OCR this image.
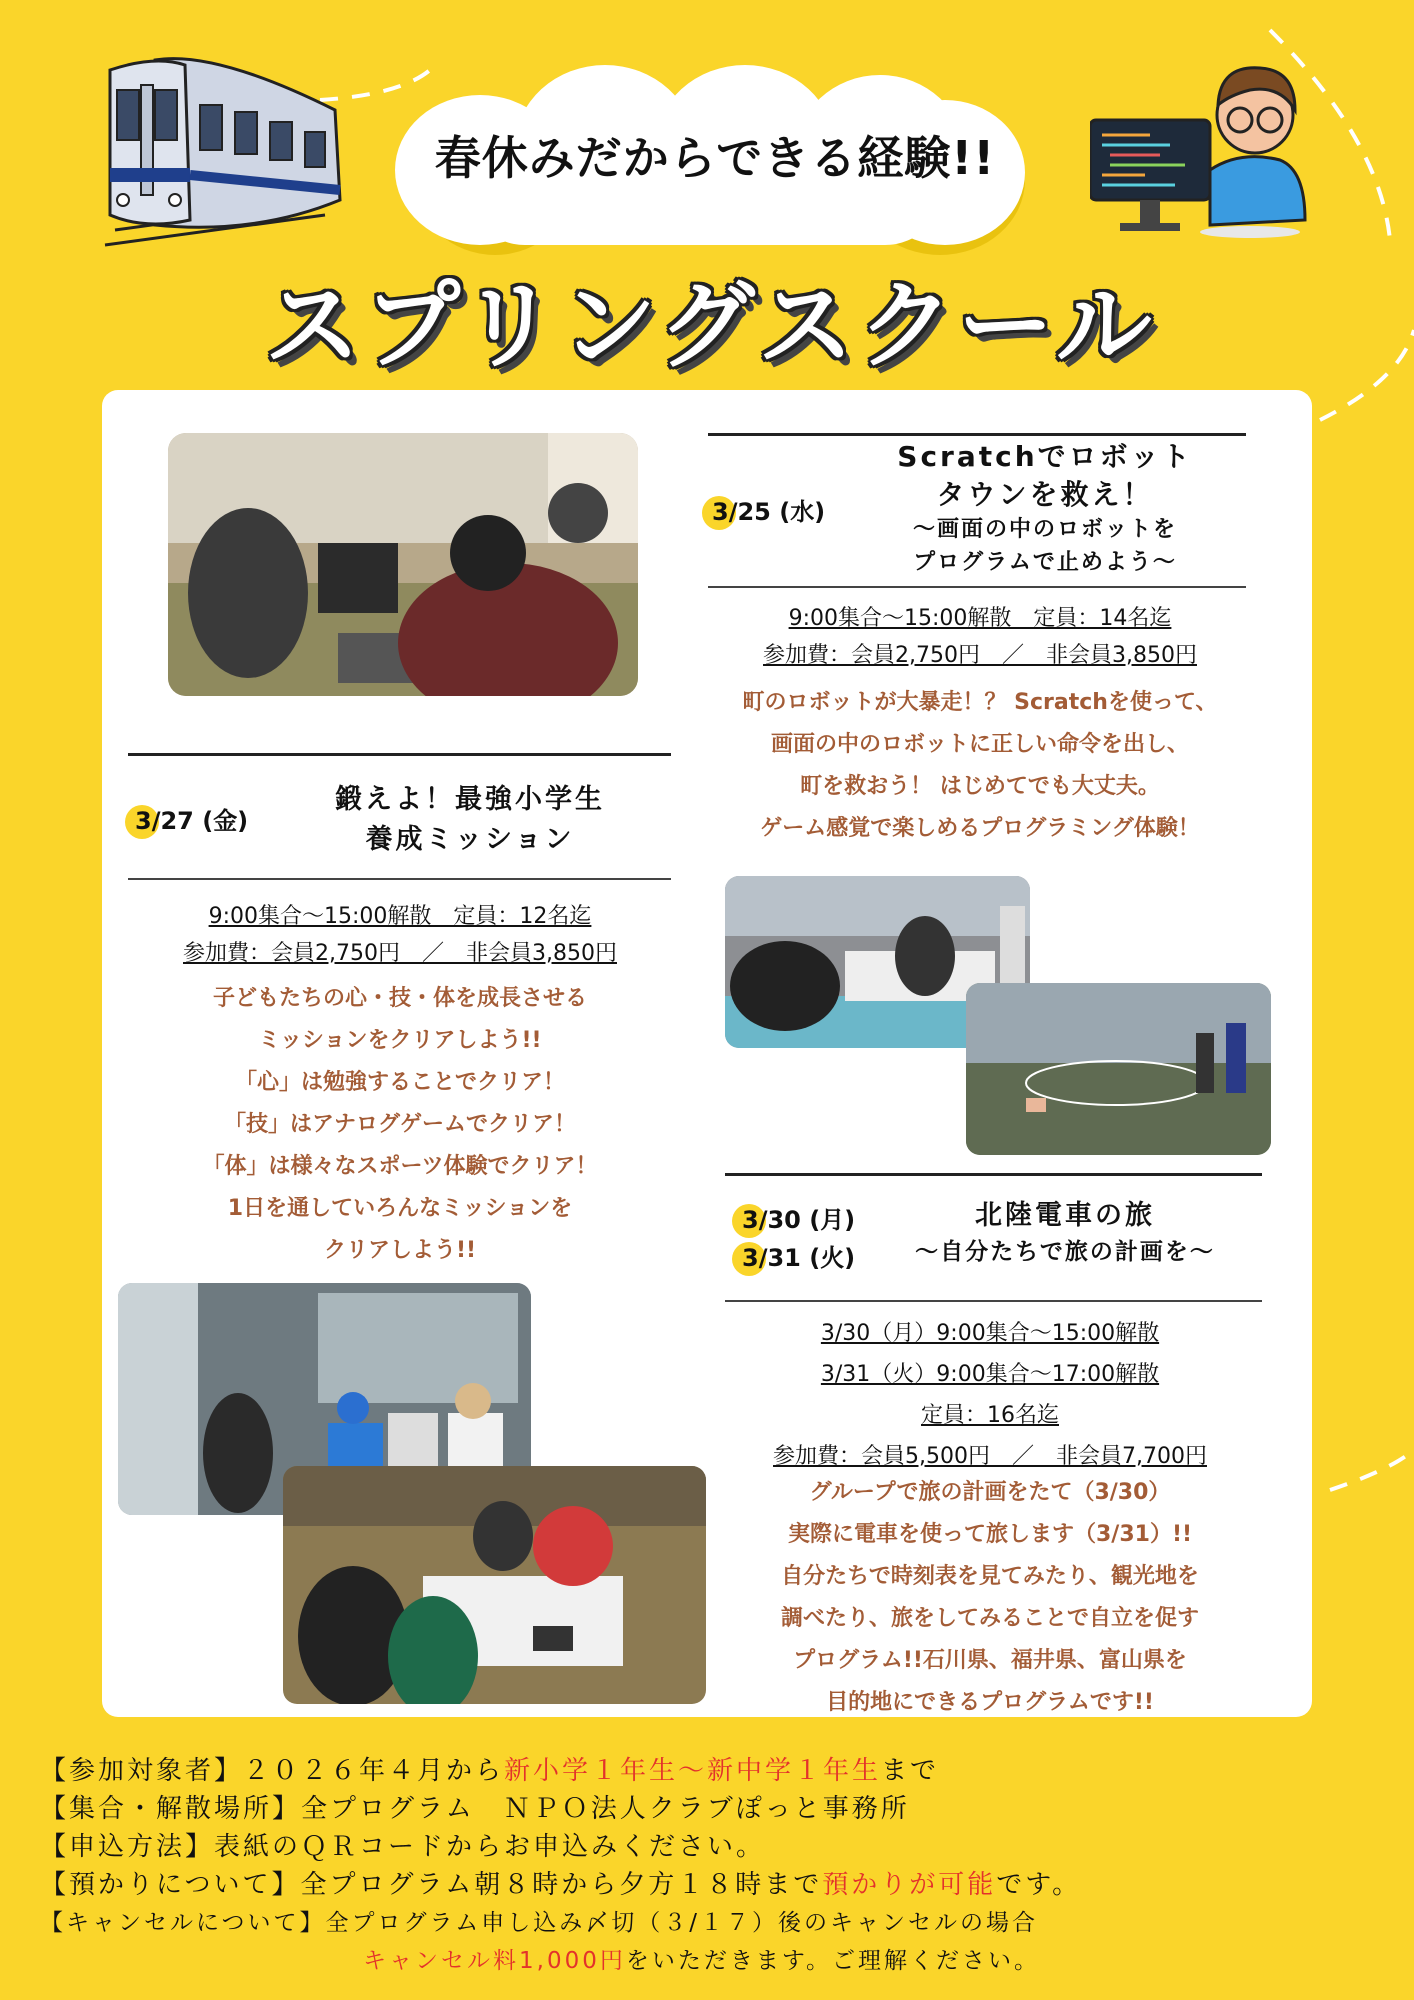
春休みだからできる経験!!
スプリングスクール
3/25 (水)
Scratchでロボット
タウンを救え！
～画面の中のロボットを
プログラムで止めよう～
9:00集合～15:00解散　定員：14名迄
参加費：会員2,750円　／　非会員3,850円
町のロボットが大暴走！？ Scratchを使って、
画面の中のロボットに正しい命令を出し、
町を救おう！ はじめてでも大丈夫。
ゲーム感覚で楽しめるプログラミング体験！
3/27 (金)
鍛えよ！最強小学生
養成ミッション
9:00集合～15:00解散　定員：12名迄
参加費：会員2,750円　／　非会員3,850円
子どもたちの心・技・体を成長させる
ミッションをクリアしよう!!
「心」は勉強することでクリア！
「技」はアナログゲームでクリア！
「体」は様々なスポーツ体験でクリア！
1日を通していろんなミッションを
クリアしよう!!
3/30 (月)
3/31 (火)
北陸電車の旅
～自分たちで旅の計画を～
3/30（月）9:00集合～15:00解散
3/31（火）9:00集合～17:00解散
定員：16名迄
参加費：会員5,500円　／　非会員7,700円
グループで旅の計画をたて（3/30）
実際に電車を使って旅します（3/31）!!
自分たちで時刻表を見てみたり、観光地を
調べたり、旅をしてみることで自立を促す
プログラム!!石川県、福井県、富山県を
目的地にできるプログラムです!!
【参加対象者】２０２６年４月から新小学１年生～新中学１年生まで
【集合・解散場所】全プログラム　ＮＰＯ法人クラブぽっと事務所
【申込方法】表紙のＱＲコードからお申込みください。
【預かりについて】全プログラム朝８時から夕方１８時まで預かりが可能です。
【キャンセルについて】全プログラム申し込み〆切（３/１７）後のキャンセルの場合
キャンセル料1,000円をいただきます。ご理解ください。
